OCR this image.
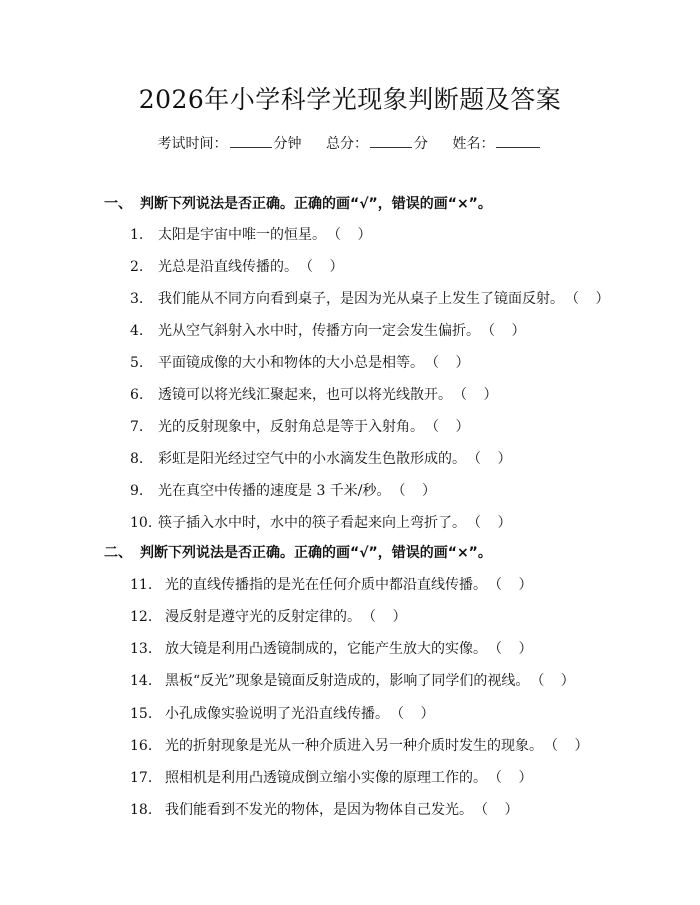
2026年小学科学光现象判断题及答案
考试时间：	分钟 总分：	分 姓名：
一、 判断下列说法是否正确。正确的画“√”，错误的画“×”。
1. 太阳是宇宙中唯一的恒星。 （ ）
2. 光总是沿直线传播的。 （ ）
3. 我们能从不同方向看到桌子，是因为光从桌子上发生了镜面反射。 （ ）
4. 光从空气斜射入水中时，传播方向一定会发生偏折。 （ ）
5. 平面镜成像的大小和物体的大小总是相等。 （ ）
6. 透镜可以将光线汇聚起来，也可以将光线散开。 （ ）
7. 光的反射现象中，反射角总是等于入射角。 （ ）
8. 彩虹是阳光经过空气中的小水滴发生色散形成的。 （ ）
9. 光在真空中传播的速度是 3 千米/秒。 （ ）
10. 筷子插入水中时，水中的筷子看起来向上弯折了。 （ ）
二、 判断下列说法是否正确。正确的画“√”，错误的画“×”。
11. 光的直线传播指的是光在任何介质中都沿直线传播。 （ ）
12. 漫反射是遵守光的反射定律的。 （ ）
13. 放大镜是利用凸透镜制成的，它能产生放大的实像。 （ ）
14. 黑板“反光”现象是镜面反射造成的，影响了同学们的视线。 （ ）
15. 小孔成像实验说明了光沿直线传播。 （ ）
16. 光的折射现象是光从一种介质进入另一种介质时发生的现象。 （ ）
17. 照相机是利用凸透镜成倒立缩小实像的原理工作的。 （ ）
18. 我们能看到不发光的物体，是因为物体自己发光。 （ ）
